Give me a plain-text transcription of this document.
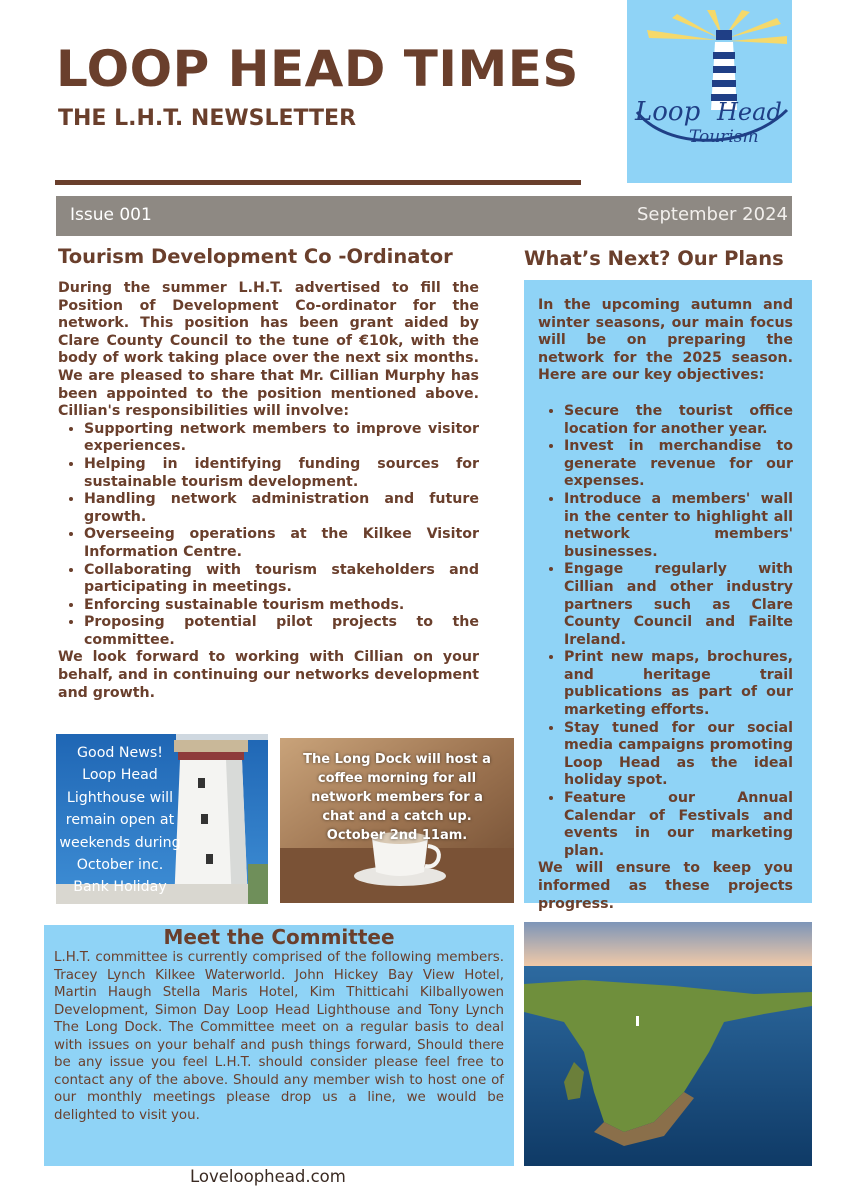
LOOP HEAD TIMES
THE L.H.T. NEWSLETTER	Loop Head
Tourism
Issue 001	September 2024
Tourism Development Co -Ordinator

During the summer L.H.T. advertised to fill the Position of Development Co-ordinator for the network. This position has been grant aided by Clare County Council to the tune of €10k, with the body of work taking place over the next six months. We are pleased to share that Mr. Cillian Murphy has been appointed to the position mentioned above. Cillian's responsibilities will involve:

• Supporting network members to improve visitor experiences.
• Helping in identifying funding sources for sustainable tourism development.
• Handling network administration and future growth.
• Overseeing operations at the Kilkee Visitor Information Centre.
• Collaborating with tourism stakeholders and participating in meetings.
• Enforcing sustainable tourism methods.
• Proposing potential pilot projects to the committee.

We look forward to working with Cillian on your behalf, and in continuing our networks development and growth.

What’s Next? Our Plans

In the upcoming autumn and winter seasons, our main focus will be on preparing the network for the 2025 season. Here are our key objectives:

• Secure the tourist office location for another year.
• Invest in merchandise to generate revenue for our expenses.
• Introduce a members' wall in the center to highlight all network members' businesses.
• Engage regularly with Cillian and other industry partners such as Clare County Council and Failte Ireland.
• Print new maps, brochures, and heritage trail publications as part of our marketing efforts.
• Stay tuned for our social media campaigns promoting Loop Head as the ideal holiday spot.
• Feature our Annual Calendar of Festivals and events in our marketing plan.

We will ensure to keep you informed as these projects progress.

Good News!
Loop Head
Lighthouse will
remain open at
weekends during
October inc.
Bank Holiday
The Long Dock will host a
coffee morning for all
network members for a
chat and a catch up.
October 2nd 11am.
Meet the Committee
L.H.T. committee is currently comprised of the following members. Tracey Lynch Kilkee Waterworld. John Hickey Bay View Hotel, Martin Haugh Stella Maris Hotel, Kim Thitticahi Kilballyowen Development, Simon Day Loop Head Lighthouse and Tony Lynch The Long Dock. The Committee meet on a regular basis to deal with issues on your behalf and push things forward, Should there be any issue you feel L.H.T. should consider please feel free to contact any of the above. Should any member wish to host one of our monthly meetings please drop us a line, we would be delighted to visit you.
Loveloophead.com
